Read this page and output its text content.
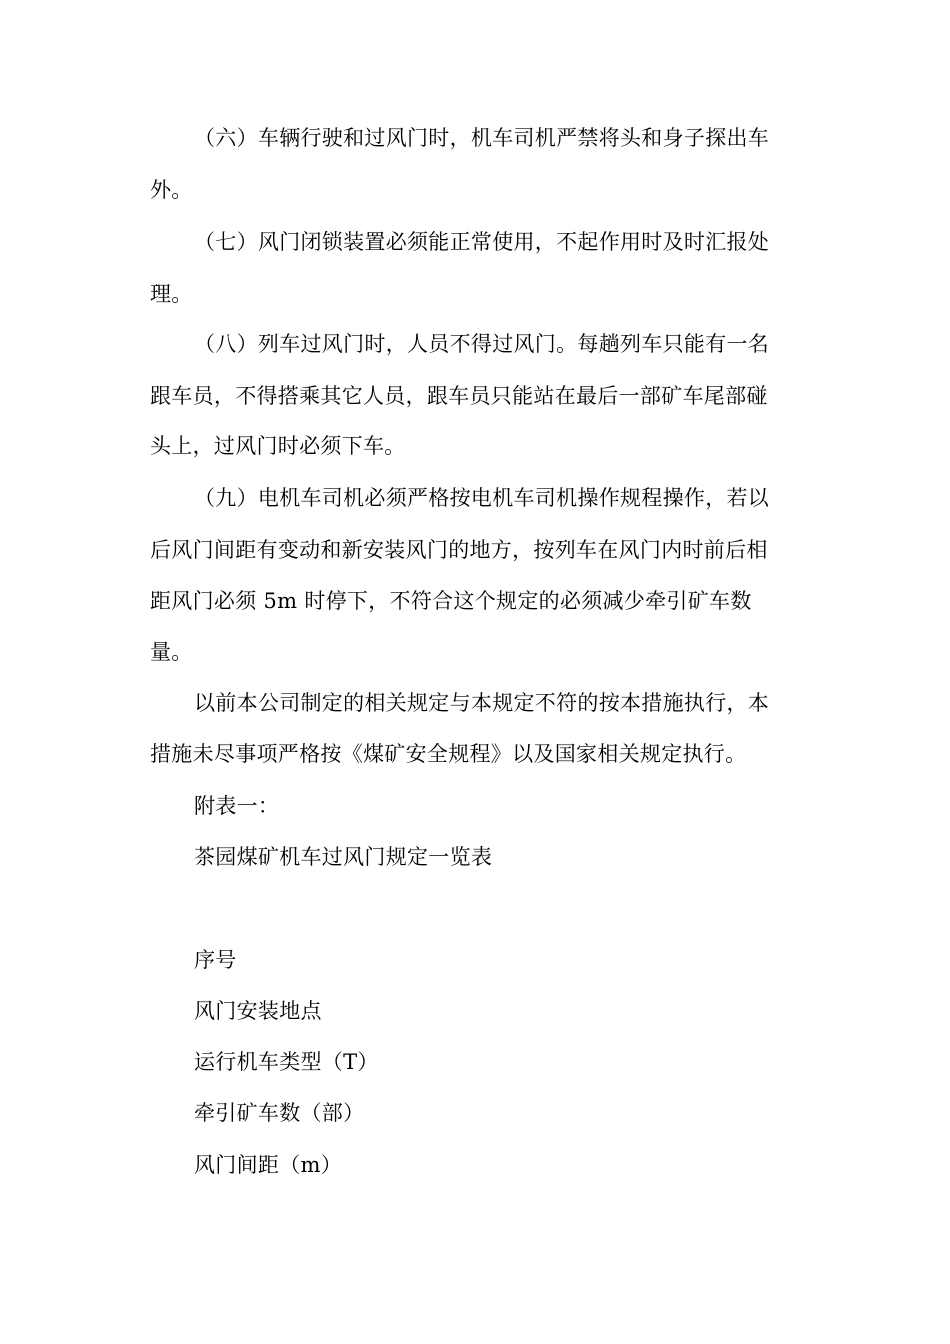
（六）车辆行驶和过风门时，机车司机严禁将头和身子探出车
外。
（七）风门闭锁装置必须能正常使用，不起作用时及时汇报处
理。
（八）列车过风门时，人员不得过风门。每趟列车只能有一名
跟车员，不得搭乘其它人员，跟车员只能站在最后一部矿车尾部碰
头上，过风门时必须下车。
（九）电机车司机必须严格按电机车司机操作规程操作，若以
后风门间距有变动和新安装风门的地方，按列车在风门内时前后相
距风门必须 5m 时停下，不符合这个规定的必须减少牵引矿车数
量。
以前本公司制定的相关规定与本规定不符的按本措施执行，本
措施未尽事项严格按《煤矿安全规程》以及国家相关规定执行。
附表一：
茶园煤矿机车过风门规定一览表
序号
风门安装地点
运行机车类型（T）
牵引矿车数（部）
风门间距（m）
